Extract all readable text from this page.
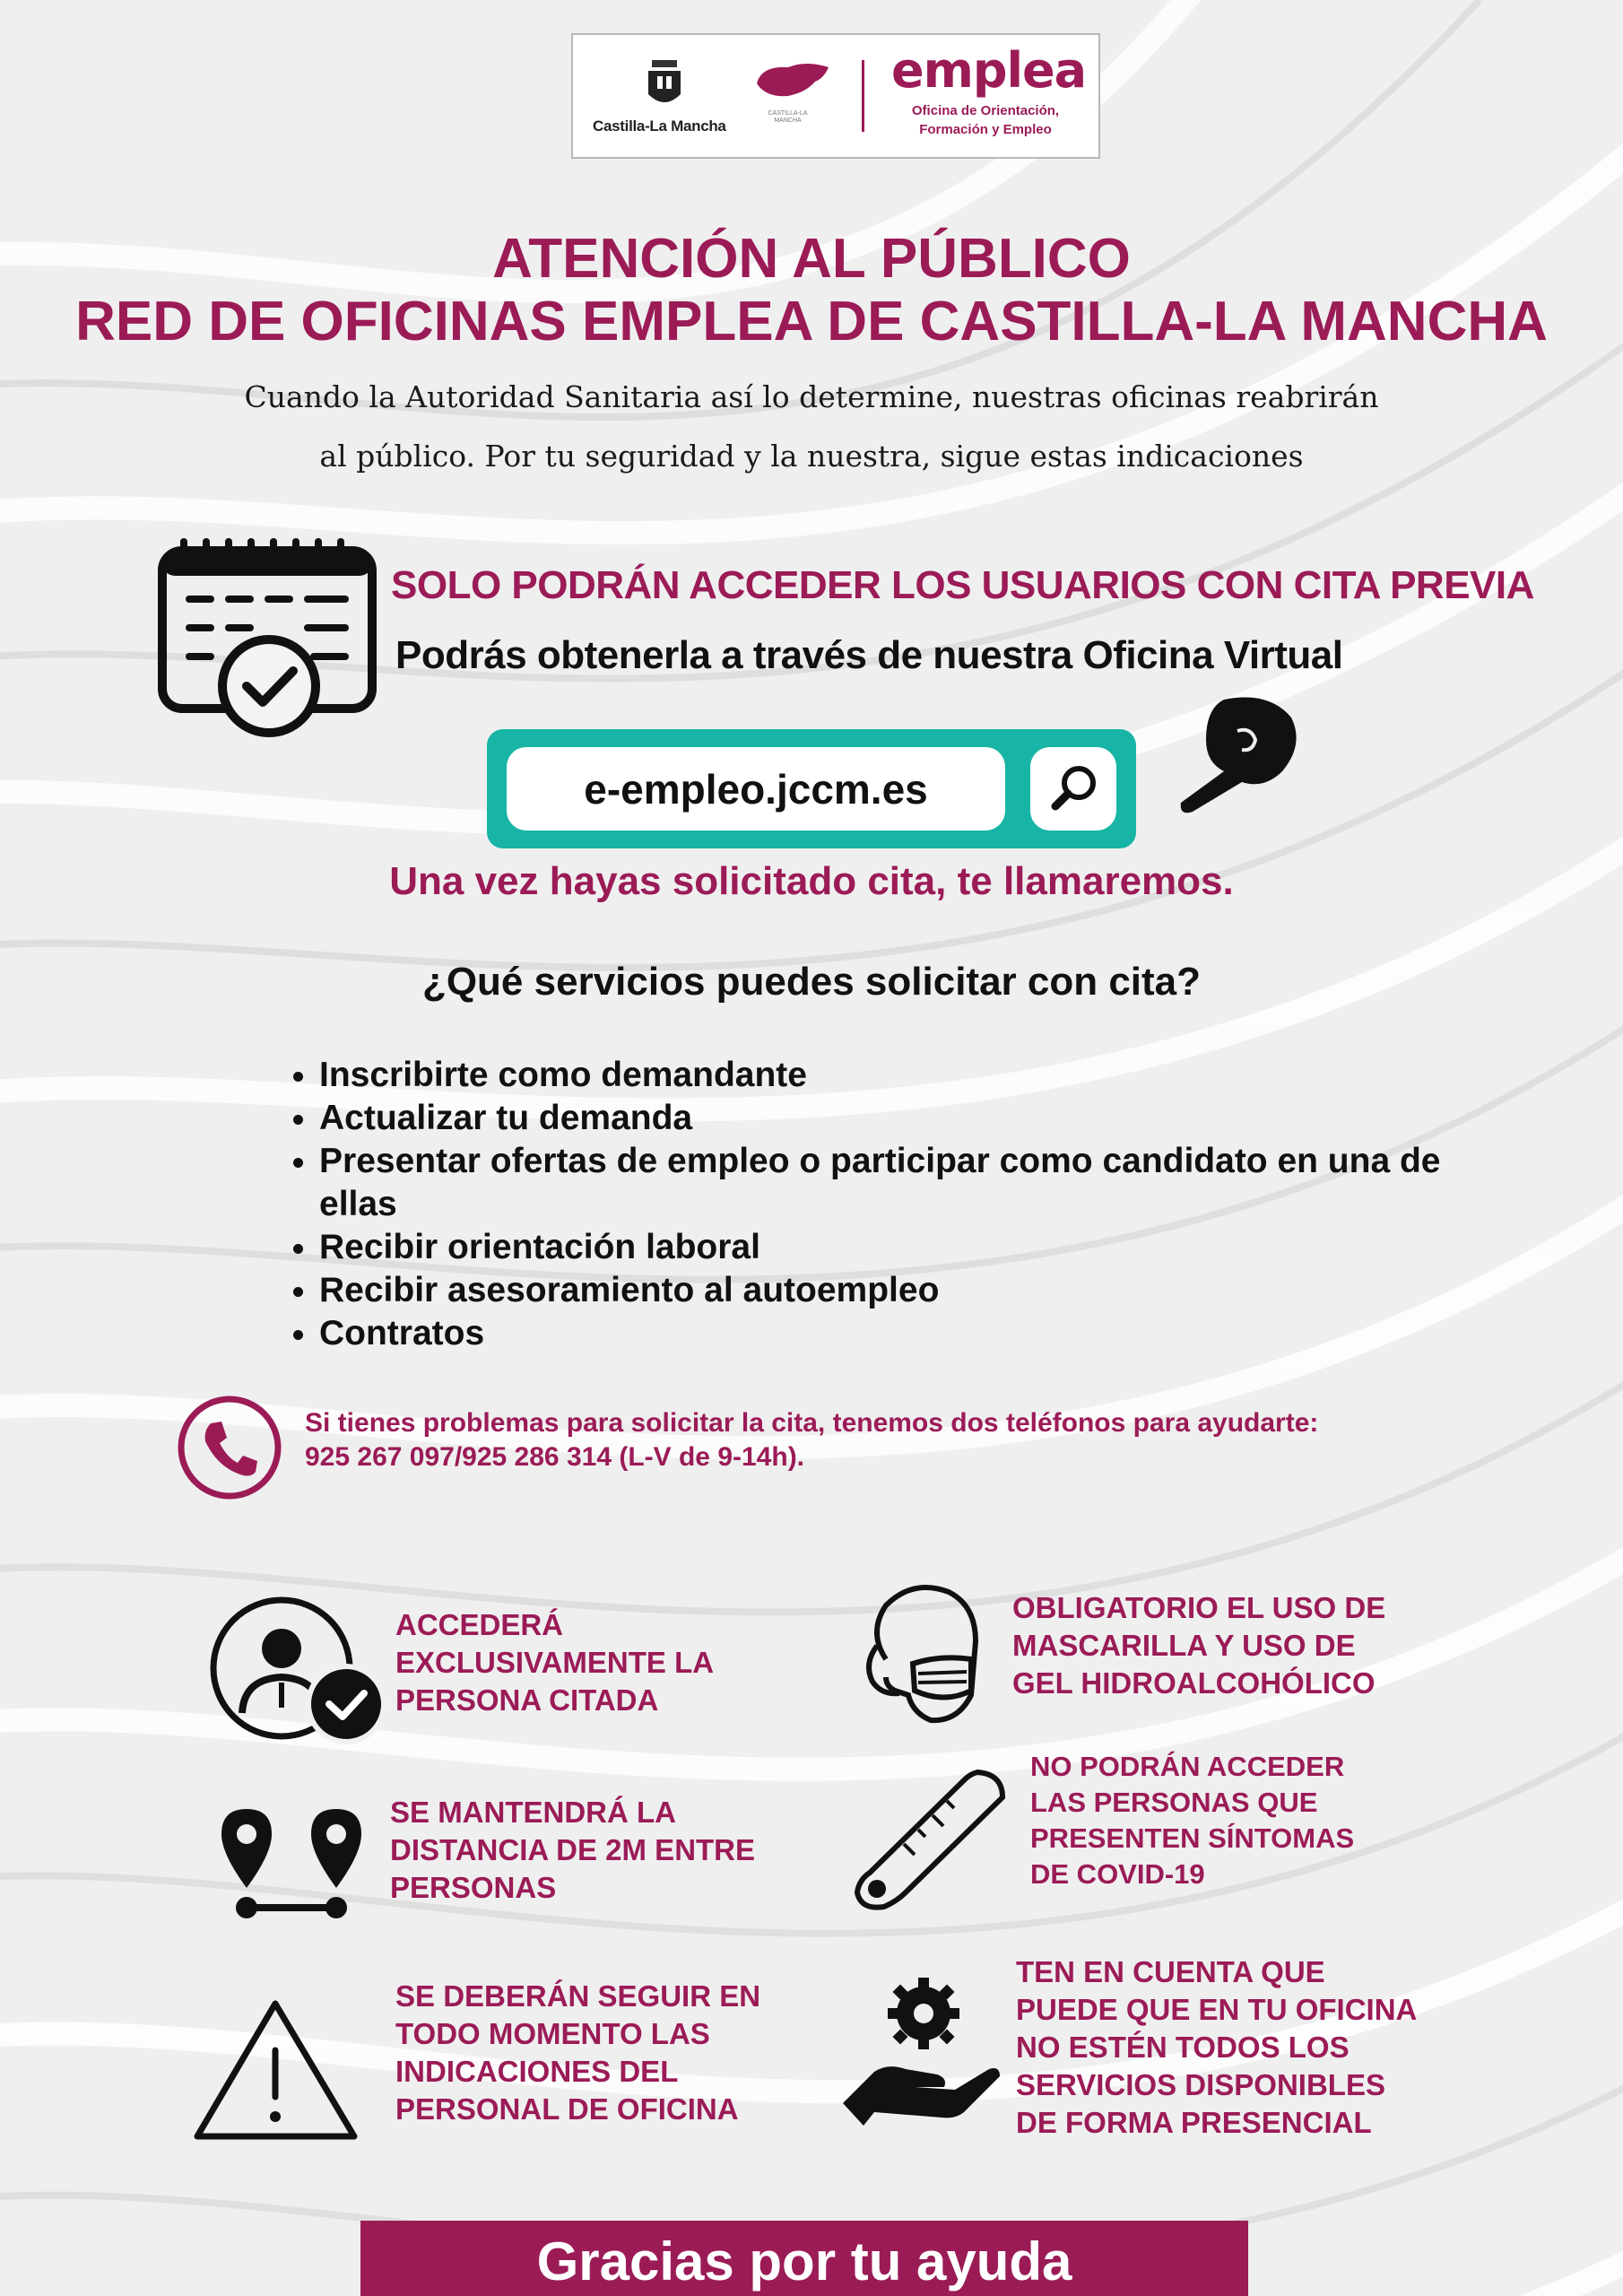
Castilla-La Mancha
CASTILLA-LA MANCHA
emplea
Oficina de Orientación,
Formación y Empleo
ATENCIÓN AL PÚBLICO
RED DE OFICINAS EMPLEA DE CASTILLA-LA MANCHA
Cuando la Autoridad Sanitaria así lo determine, nuestras oficinas reabrirán
al público. Por tu seguridad y la nuestra, sigue estas indicaciones
SOLO PODRÁN ACCEDER LOS USUARIOS CON CITA PREVIA
Podrás obtenerla a través de nuestra Oficina Virtual
e-empleo.jccm.es
Una vez hayas solicitado cita, te llamaremos.
¿Qué servicios puedes solicitar con cita?
• Inscribirte como demandante
• Actualizar tu demanda
• Presentar ofertas de empleo o participar como candidato en una de ellas
• Recibir orientación laboral
• Recibir asesoramiento al autoempleo
• Contratos
Si tienes problemas para solicitar la cita, tenemos dos teléfonos para ayudarte:
925 267 097/925 286 314 (L-V de 9-14h).
ACCEDERÁ
EXCLUSIVAMENTE LA
PERSONA CITADA
OBLIGATORIO EL USO DE
MASCARILLA Y USO DE
GEL HIDROALCOHÓLICO
SE MANTENDRÁ LA
DISTANCIA DE 2M ENTRE
PERSONAS
NO PODRÁN ACCEDER
LAS PERSONAS QUE
PRESENTEN SÍNTOMAS
DE COVID-19
SE DEBERÁN SEGUIR EN
TODO MOMENTO LAS
INDICACIONES DEL
PERSONAL DE OFICINA
TEN EN CUENTA QUE
PUEDE QUE EN TU OFICINA
NO ESTÉN TODOS LOS
SERVICIOS DISPONIBLES
DE FORMA PRESENCIAL
Gracias por tu ayuda
